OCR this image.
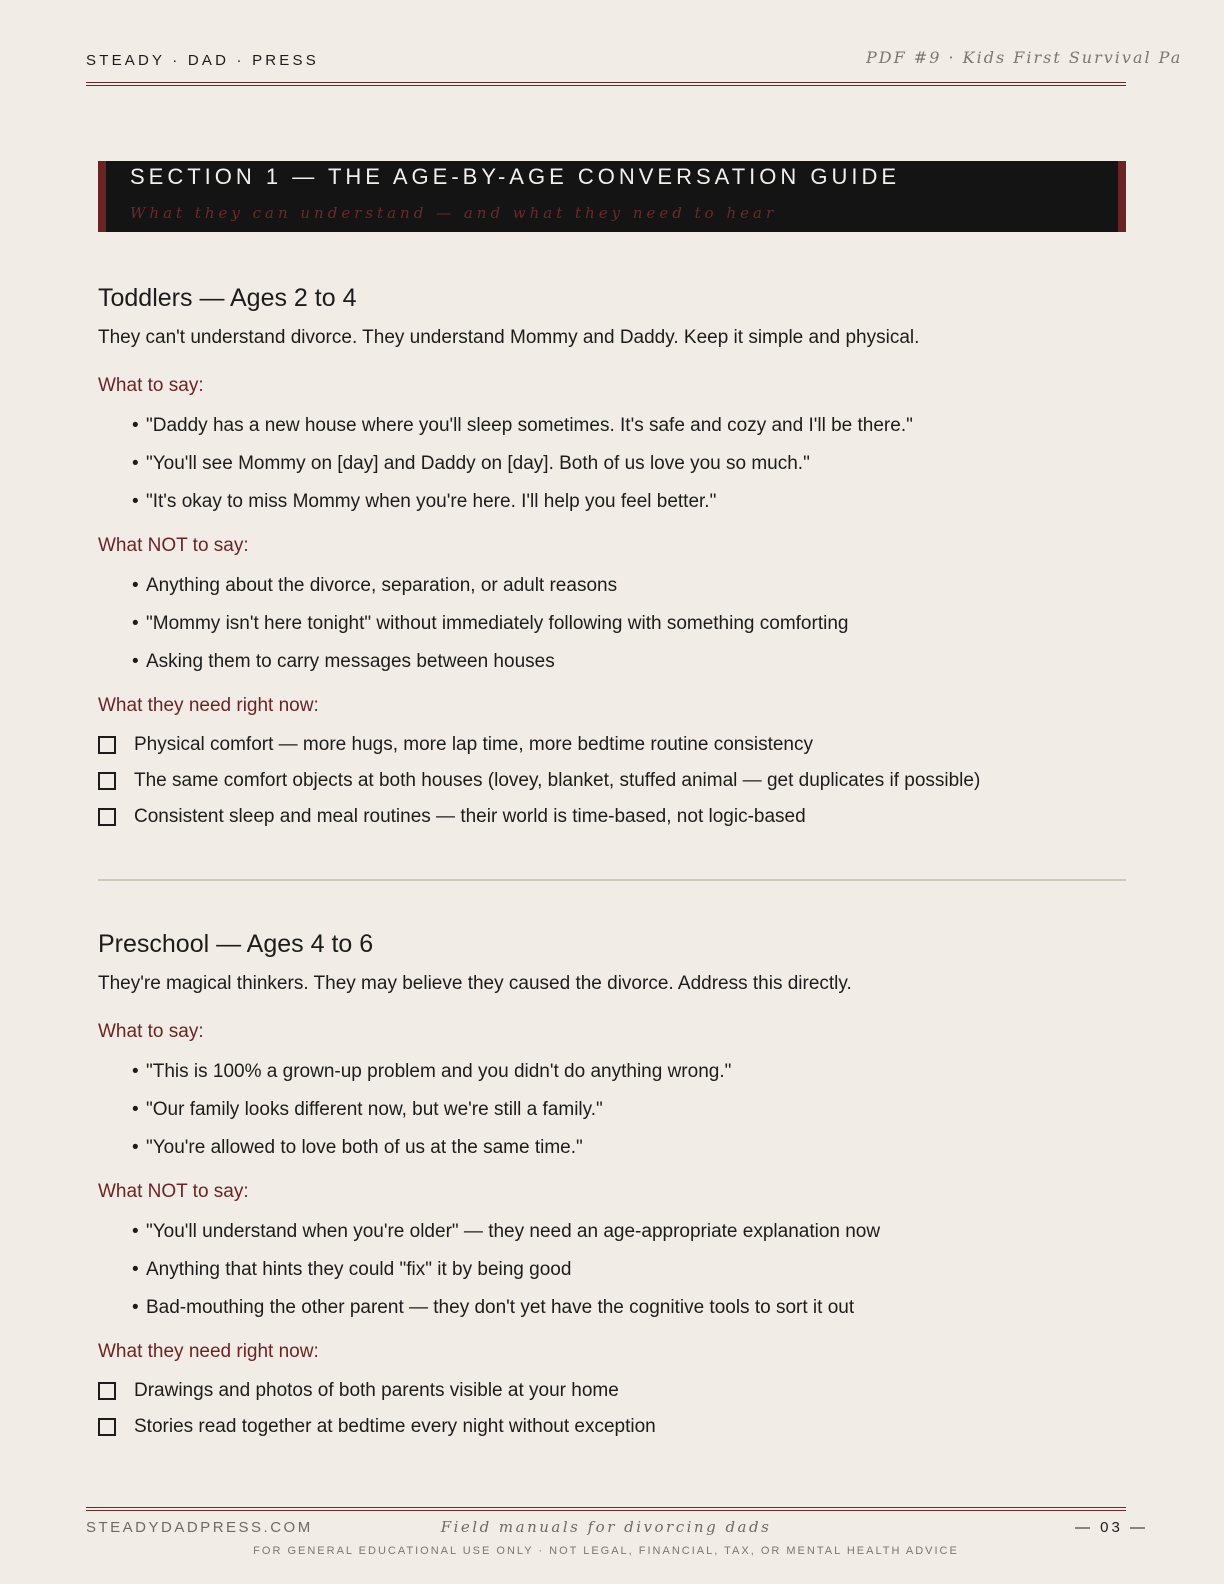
STEADY · DAD · PRESS	PDF #9 · Kids First Survival Pa
SECTION 1 — THE AGE-BY-AGE CONVERSATION GUIDE
What they can understand — and what they need to hear
Toddlers — Ages 2 to 4

They can't understand divorce. They understand Mommy and Daddy. Keep it simple and physical.

What to say:

• "Daddy has a new house where you'll sleep sometimes. It's safe and cozy and I'll be there."
• "You'll see Mommy on [day] and Daddy on [day]. Both of us love you so much."
• "It's okay to miss Mommy when you're here. I'll help you feel better."

What NOT to say:

• Anything about the divorce, separation, or adult reasons
• "Mommy isn't here tonight" without immediately following with something comforting
• Asking them to carry messages between houses

What they need right now:

Physical comfort — more hugs, more lap time, more bedtime routine consistency
The same comfort objects at both houses (lovey, blanket, stuffed animal — get duplicates if possible)
Consistent sleep and meal routines — their world is time-based, not logic-based
Preschool — Ages 4 to 6

They're magical thinkers. They may believe they caused the divorce. Address this directly.

What to say:

• "This is 100% a grown-up problem and you didn't do anything wrong."
• "Our family looks different now, but we're still a family."
• "You're allowed to love both of us at the same time."

What NOT to say:

• "You'll understand when you're older" — they need an age-appropriate explanation now
• Anything that hints they could "fix" it by being good
• Bad-mouthing the other parent — they don't yet have the cognitive tools to sort it out

What they need right now:

Drawings and photos of both parents visible at your home
Stories read together at bedtime every night without exception
STEADYDADPRESS.COM	Field manuals for divorcing dads	— 03 —
FOR GENERAL EDUCATIONAL USE ONLY · NOT LEGAL, FINANCIAL, TAX, OR MENTAL HEALTH ADVICE
